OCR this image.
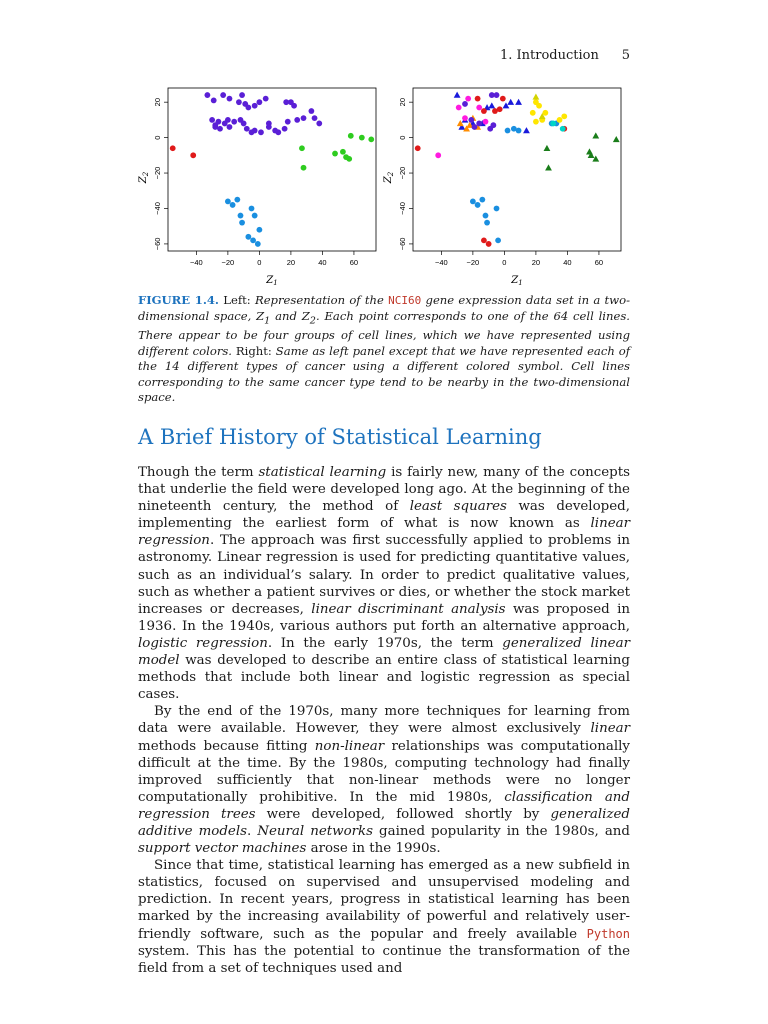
1. Introduction 5
−40	−20	0	20	40	60
−60
−40
−20
0
20
$Z_1$
$Z_2$
−40	−20	0	20	40	60
−60
−40
−20
0
20
$Z_1$
$Z_2$
FIGURE 1.4. Left: Representation of the NCI60 gene expression data set in a two-dimensional space, $Z_1$ and $Z_2$. Each point corresponds to one of the 64 cell lines. There appear to be four groups of cell lines, which we have represented using different colors. Right: Same as left panel except that we have represented each of the 14 different types of cancer using a different colored symbol. Cell lines corresponding to the same cancer type tend to be nearby in the two-dimensional space.
A Brief History of Statistical Learning

Though the term statistical learning is fairly new, many of the concepts that underlie the field were developed long ago. At the beginning of the nineteenth century, the method of least squares was developed, implementing the earliest form of what is now known as linear regression. The approach was first successfully applied to problems in astronomy. Linear regression is used for predicting quantitative values, such as an individual’s salary. In order to predict qualitative values, such as whether a patient survives or dies, or whether the stock market increases or decreases, linear discriminant analysis was proposed in 1936. In the 1940s, various authors put forth an alternative approach, logistic regression. In the early 1970s, the term generalized linear model was developed to describe an entire class of statistical learning methods that include both linear and logistic regression as special cases.

By the end of the 1970s, many more techniques for learning from data were available. However, they were almost exclusively linear methods because fitting non-linear relationships was computationally difficult at the time. By the 1980s, computing technology had finally improved sufficiently that non-linear methods were no longer computationally prohibitive. In the mid 1980s, classification and regression trees were developed, followed shortly by generalized additive models. Neural networks gained popularity in the 1980s, and support vector machines arose in the 1990s.

Since that time, statistical learning has emerged as a new subfield in statistics, focused on supervised and unsupervised modeling and prediction. In recent years, progress in statistical learning has been marked by the increasing availability of powerful and relatively user-friendly software, such as the popular and freely available Python system. This has the potential to continue the transformation of the field from a set of techniques used and
